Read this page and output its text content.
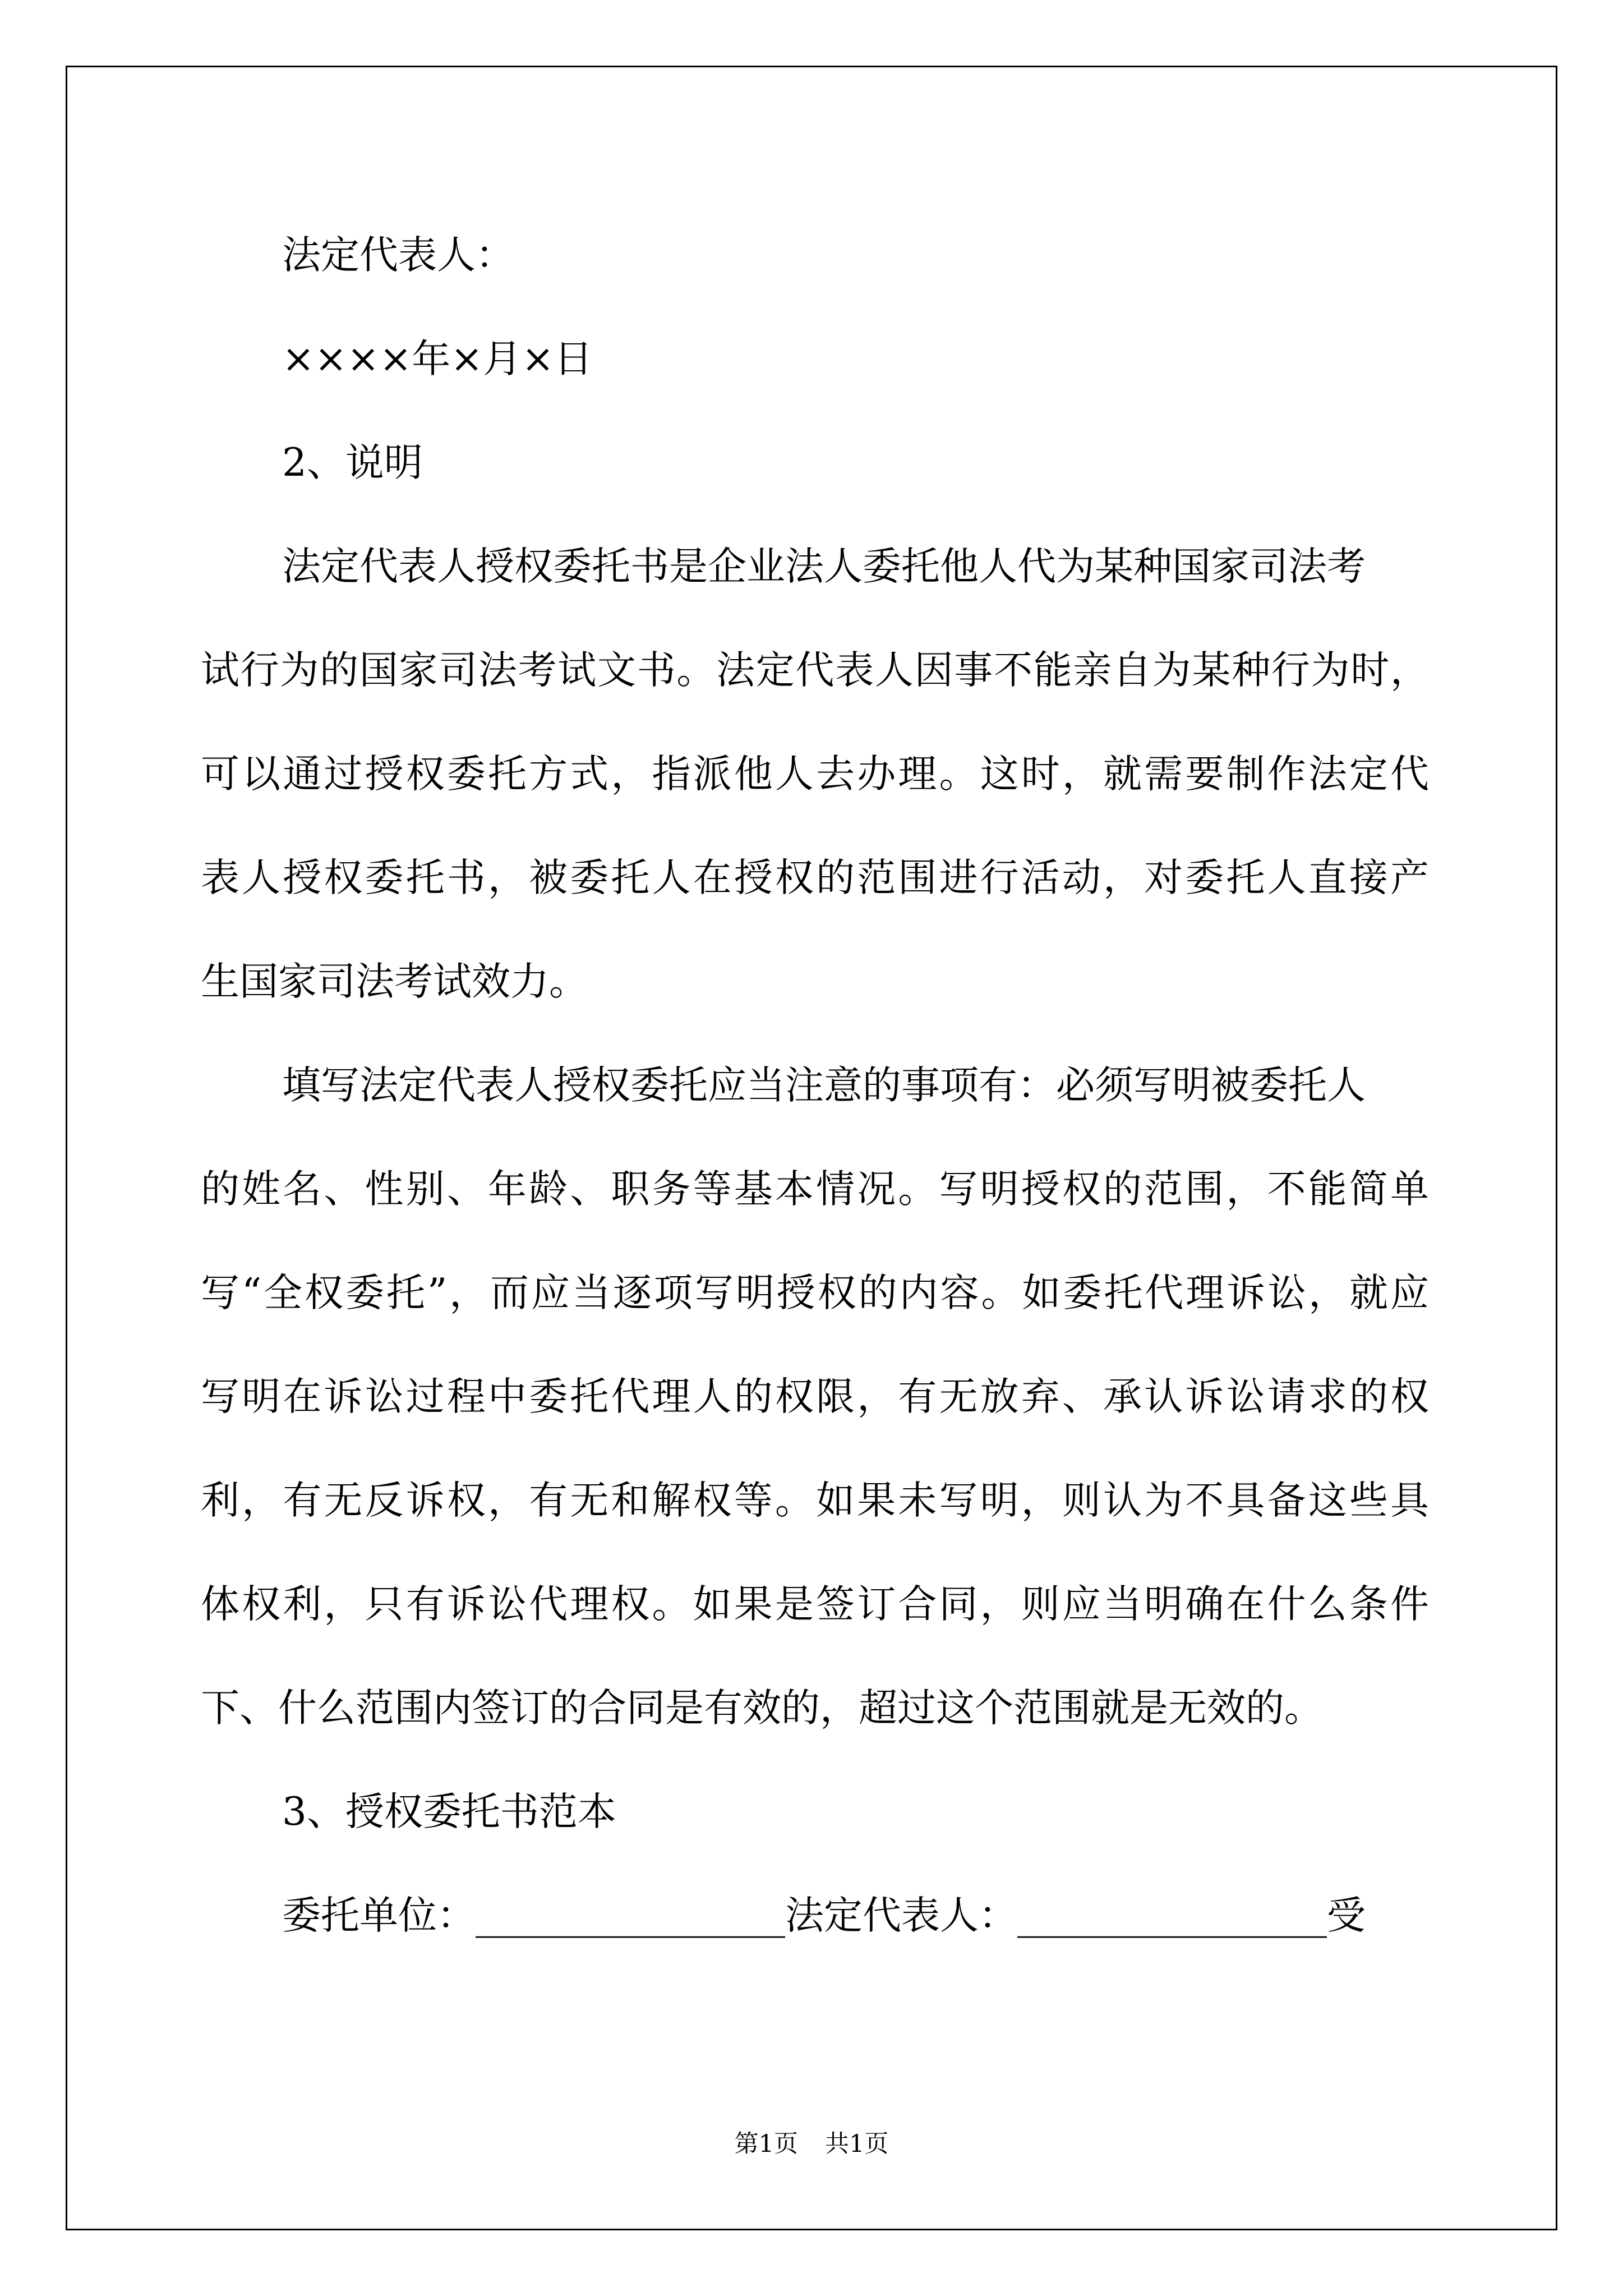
法定代表人：
××××年×月×日
2、说明
法定代表人授权委托书是企业法人委托他人代为某种国家司法考
试行为的国家司法考试文书。法定代表人因事不能亲自为某种行为时，
可以通过授权委托方式，指派他人去办理。这时，就需要制作法定代
表人授权委托书，被委托人在授权的范围进行活动，对委托人直接产
生国家司法考试效力。
填写法定代表人授权委托应当注意的事项有：必须写明被委托人
的姓名、性别、年龄、职务等基本情况。写明授权的范围，不能简单
写“全权委托”，而应当逐项写明授权的内容。如委托代理诉讼，就应
写明在诉讼过程中委托代理人的权限，有无放弃、承认诉讼请求的权
利，有无反诉权，有无和解权等。如果未写明，则认为不具备这些具
体权利，只有诉讼代理权。如果是签订合同，则应当明确在什么条件
下、什么范围内签订的合同是有效的，超过这个范围就是无效的。
3、授权委托书范本
委托单位：________________法定代表人：________________受
第1页 共1页
